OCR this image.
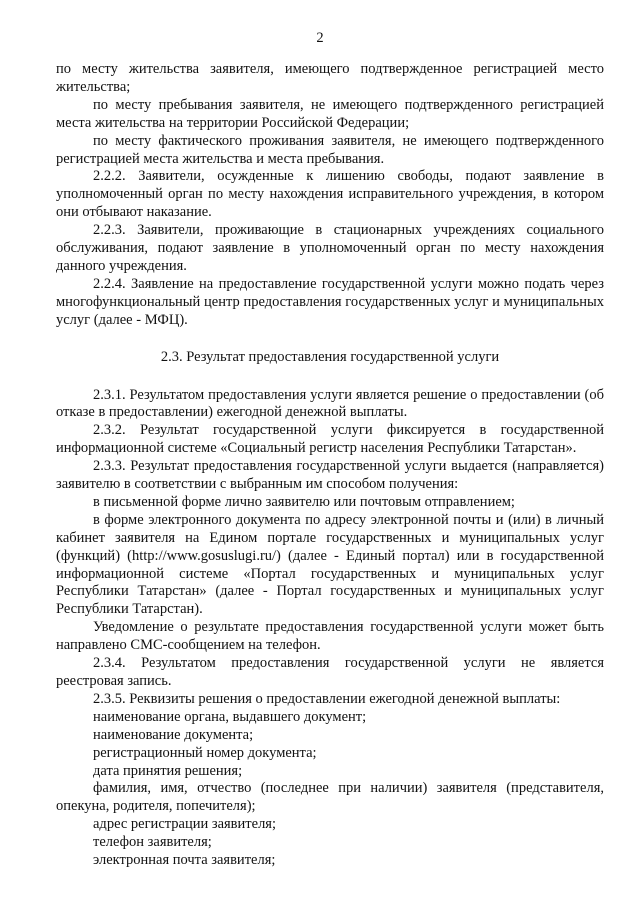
2

по месту жительства заявителя, имеющего подтвержденное регистрацией место жительства;

по месту пребывания заявителя, не имеющего подтвержденного регистрацией места жительства на территории Российской Федерации;

по месту фактического проживания заявителя, не имеющего подтвержденного регистрацией места жительства и места пребывания.

2.2.2. Заявители, осужденные к лишению свободы, подают заявление в уполномоченный орган по месту нахождения исправительного учреждения, в котором они отбывают наказание.

2.2.3. Заявители, проживающие в стационарных учреждениях социального обслуживания, подают заявление в уполномоченный орган по месту нахождения данного учреждения.

2.2.4. Заявление на предоставление государственной услуги можно подать через многофункциональный центр предоставления государственных услуг и муниципальных услуг (далее - МФЦ).

2.3. Результат предоставления государственной услуги

2.3.1. Результатом предоставления услуги является решение о предоставлении (об отказе в предоставлении) ежегодной денежной выплаты.

2.3.2. Результат государственной услуги фиксируется в государственной информационной системе «Социальный регистр населения Республики Татарстан».

2.3.3. Результат предоставления государственной услуги выдается (направляется) заявителю в соответствии с выбранным им способом получения:

в письменной форме лично заявителю или почтовым отправлением;

в форме электронного документа по адресу электронной почты и (или) в личный кабинет заявителя на Едином портале государственных и муниципальных услуг (функций) (http://www.gosuslugi.ru/) (далее - Единый портал) или в государственной информационной системе «Портал государственных и муниципальных услуг Республики Татарстан» (далее - Портал государственных и муниципальных услуг Республики Татарстан).

Уведомление о результате предоставления государственной услуги может быть направлено СМС-сообщением на телефон.

2.3.4. Результатом предоставления государственной услуги не является реестровая запись.

2.3.5. Реквизиты решения о предоставлении ежегодной денежной выплаты:

наименование органа, выдавшего документ;

наименование документа;

регистрационный номер документа;

дата принятия решения;

фамилия, имя, отчество (последнее при наличии) заявителя (представителя, опекуна, родителя, попечителя);

адрес регистрации заявителя;

телефон заявителя;

электронная почта заявителя;
